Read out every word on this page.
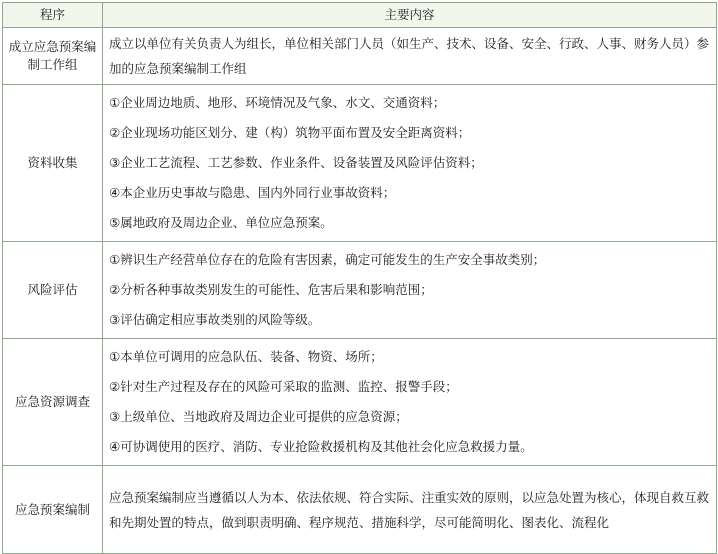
程序	主要内容
成立应急预案编制工作组	成立以单位有关负责人为组长，单位相关部门人员（如生产、技术、设备、安全、行政、人事、财务人员）参加的应急预案编制工作组

资料收集	①企业周边地质、地形、环境情况及气象、水文、交通资料；
②企业现场功能区划分、建（构）筑物平面布置及安全距离资料；
③企业工艺流程、工艺参数、作业条件、设备装置及风险评估资料；
④本企业历史事故与隐患、国内外同行业事故资料；
⑤属地政府及周边企业、单位应急预案。

风险评估	①辨识生产经营单位存在的危险有害因素，确定可能发生的生产安全事故类别；
②分析各种事故类别发生的可能性、危害后果和影响范围；
③评估确定相应事故类别的风险等级。

应急资源调查	①本单位可调用的应急队伍、装备、物资、场所；
②针对生产过程及存在的风险可采取的监测、监控、报警手段；
③上级单位、当地政府及周边企业可提供的应急资源；
④可协调使用的医疗、消防、专业抢险救援机构及其他社会化应急救援力量。

应急预案编制	应急预案编制应当遵循以人为本、依法依规、符合实际、注重实效的原则，以应急处置为核心，体现自救互救和先期处置的特点，做到职责明确、程序规范、措施科学，尽可能简明化、图表化、流程化
